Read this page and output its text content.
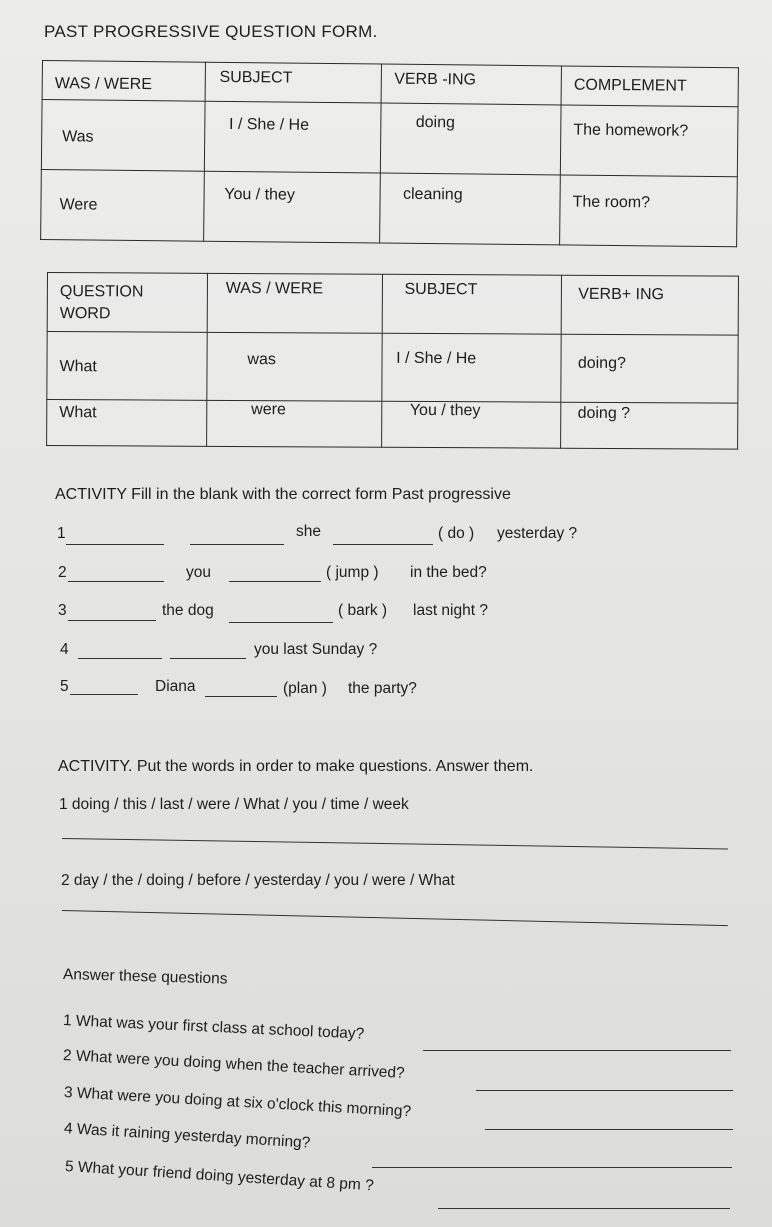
PAST PROGRESSIVE QUESTION FORM.
WAS / WERE	SUBJECT	VERB -ING	COMPLEMENT
Was	I / She / He	doing	The homework?
Were	You / they	cleaning	The room?
QUESTION WORD	WAS / WERE	SUBJECT	VERB+ ING
What	was	I / She / He	doing?
What	were	You / they	doing ?
ACTIVITY Fill in the blank with the correct form Past progressive
1	she	( do ) yesterday ?
2	you	( jump ) in the bed?
3	the dog	( bark ) last night ?
4	you last Sunday ?
5	Diana	(plan ) the party?
ACTIVITY. Put the words in order to make questions. Answer them.
1 doing / this / last / were / What / you / time / week
2 day / the / doing / before / yesterday / you / were / What
Answer these questions
1 What was your first class at school today?
2 What were you doing when the teacher arrived?
3 What were you doing at six o'clock this morning?
4 Was it raining yesterday morning?
5 What your friend doing yesterday at 8 pm ?
